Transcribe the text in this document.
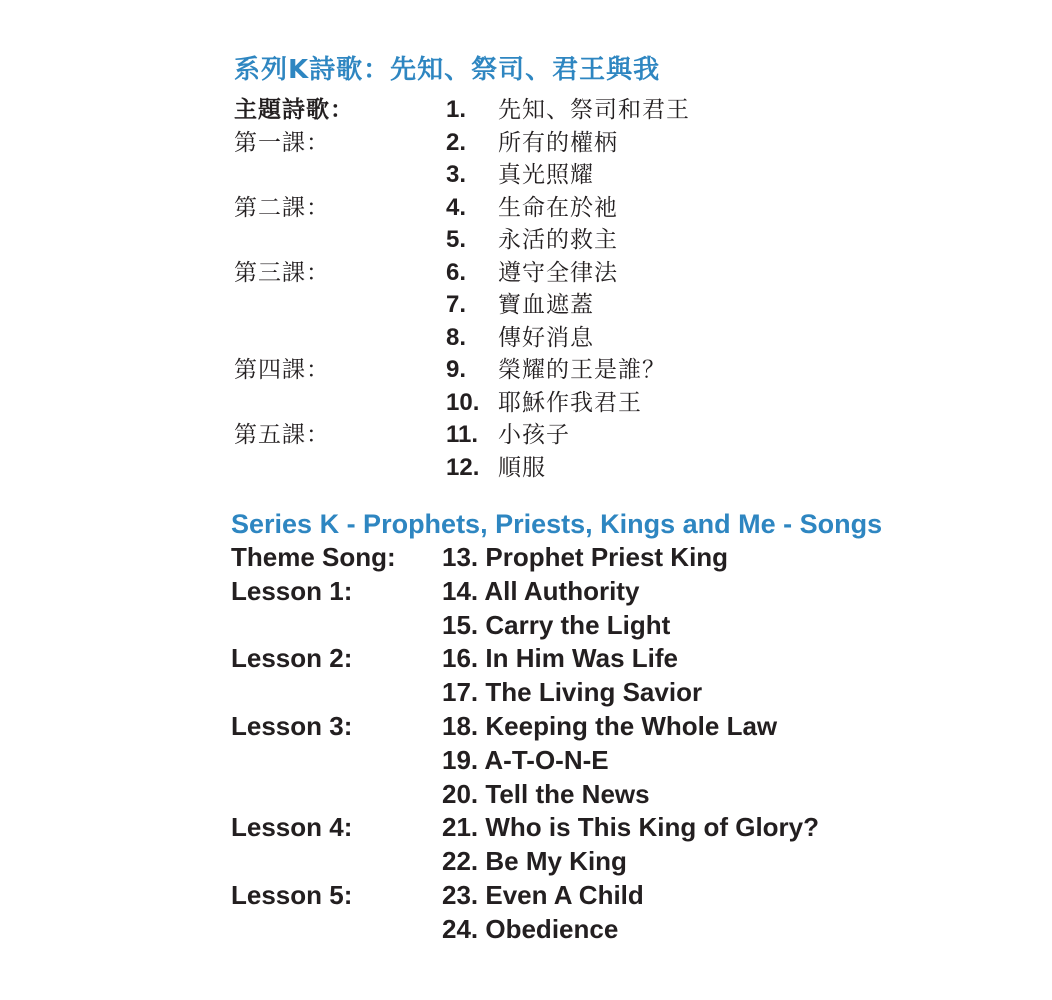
系列K詩歌：先知、祭司、君王與我
主題詩歌：	1. 先知、祭司和君王
第一課：	2. 所有的權柄
3. 真光照耀
第二課：	4. 生命在於祂
5. 永活的救主
第三課：	6. 遵守全律法
7. 寶血遮蓋
8. 傳好消息
第四課：	9. 榮耀的王是誰？
10. 耶穌作我君王
第五課：	11. 小孩子
12. 順服
Series K - Prophets, Priests, Kings and Me - Songs
Theme Song: 13. Prophet Priest King
Lesson 1:	14. All Authority
15. Carry the Light
Lesson 2:	16. In Him Was Life
17. The Living Savior
Lesson 3:	18. Keeping the Whole Law
19. A-T-O-N-E
20. Tell the News
Lesson 4:	21. Who is This King of Glory?
22. Be My King
Lesson 5:	23. Even A Child
24. Obedience
